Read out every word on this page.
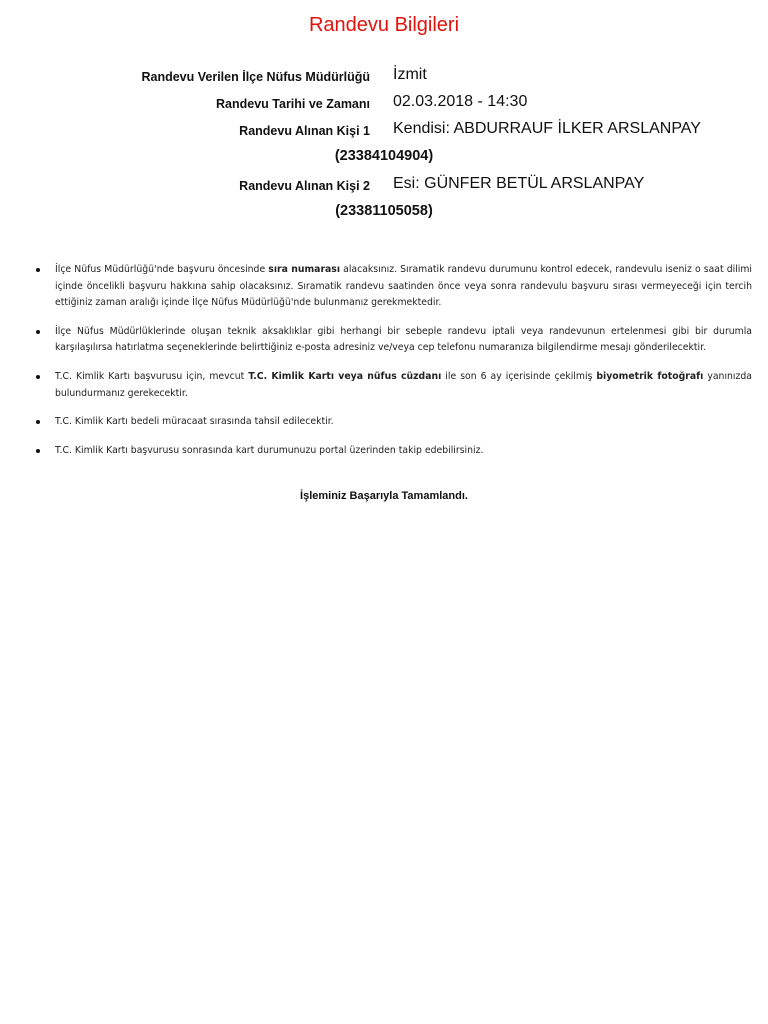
Randevu Bilgileri
Randevu Verilen İlçe Nüfus Müdürlüğü İzmit
Randevu Tarihi ve Zamanı 02.03.2018 - 14:30
Randevu Alınan Kişi 1 Kendisi: ABDURRAUF İLKER ARSLANPAY
(23384104904)
Randevu Alınan Kişi 2 Esi: GÜNFER BETÜL ARSLANPAY
(23381105058)
İlçe Nüfus Müdürlüğü'nde başvuru öncesinde sıra numarası alacaksınız. Sıramatik randevu durumunu kontrol edecek, randevulu iseniz o saat dilimi içinde öncelikli başvuru hakkına sahip olacaksınız. Sıramatik randevu saatinden önce veya sonra randevulu başvuru sırası vermeyeceği için tercih ettiğiniz zaman aralığı içinde İlçe Nüfus Müdürlüğü'nde bulunmanız gerekmektedir.
İlçe Nüfus Müdürlüklerinde oluşan teknik aksaklıklar gibi herhangi bir sebeple randevu iptali veya randevunun ertelenmesi gibi bir durumla karşılaşılırsa hatırlatma seçeneklerinde belirttiğiniz e-posta adresiniz ve/veya cep telefonu numaranıza bilgilendirme mesajı gönderilecektir.
T.C. Kimlik Kartı başvurusu için, mevcut T.C. Kimlik Kartı veya nüfus cüzdanı ile son 6 ay içerisinde çekilmiş biyometrik fotoğrafı yanınızda bulundurmanız gerekecektir.
T.C. Kimlik Kartı bedeli müracaat sırasında tahsil edilecektir.
T.C. Kimlik Kartı başvurusu sonrasında kart durumunuzu portal üzerinden takip edebilirsiniz.
İşleminiz Başarıyla Tamamlandı.
